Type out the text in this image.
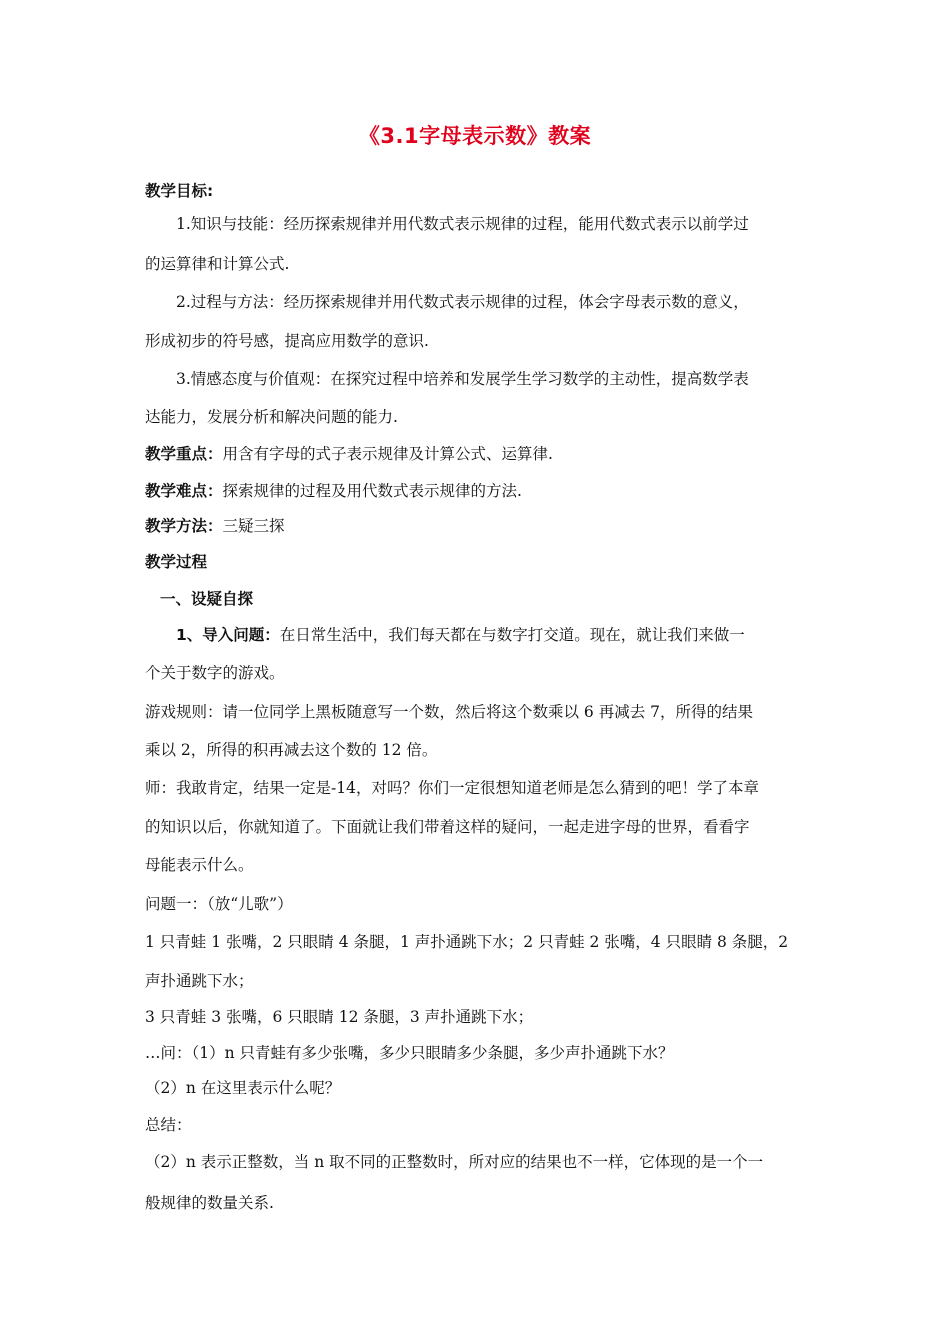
《3.1字母表示数》教案
教学目标:
1.知识与技能：经历探索规律并用代数式表示规律的过程，能用代数式表示以前学过
的运算律和计算公式.
2.过程与方法：经历探索规律并用代数式表示规律的过程，体会字母表示数的意义，
形成初步的符号感，提高应用数学的意识.
3.情感态度与价值观：在探究过程中培养和发展学生学习数学的主动性，提高数学表
达能力，发展分析和解决问题的能力.
教学重点：用含有字母的式子表示规律及计算公式、运算律.
教学难点：探索规律的过程及用代数式表示规律的方法.
教学方法：三疑三探
教学过程
一、设疑自探
1、导入问题：在日常生活中，我们每天都在与数字打交道。现在，就让我们来做一
个关于数字的游戏。
游戏规则：请一位同学上黑板随意写一个数，然后将这个数乘以 6 再减去 7，所得的结果
乘以 2，所得的积再减去这个数的 12 倍。
师：我敢肯定，结果一定是-14，对吗？你们一定很想知道老师是怎么猜到的吧！学了本章
的知识以后，你就知道了。下面就让我们带着这样的疑问，一起走进字母的世界，看看字
母能表示什么。
问题一：（放“儿歌”）
1 只青蛙 1 张嘴，2 只眼睛 4 条腿，1 声扑通跳下水；2 只青蛙 2 张嘴，4 只眼睛 8 条腿，2
声扑通跳下水；
3 只青蛙 3 张嘴，6 只眼睛 12 条腿，3 声扑通跳下水；
…问：（1）n 只青蛙有多少张嘴，多少只眼睛多少条腿，多少声扑通跳下水？
（2）n 在这里表示什么呢？
总结：
（2）n 表示正整数，当 n 取不同的正整数时，所对应的结果也不一样，它体现的是一个一
般规律的数量关系.
